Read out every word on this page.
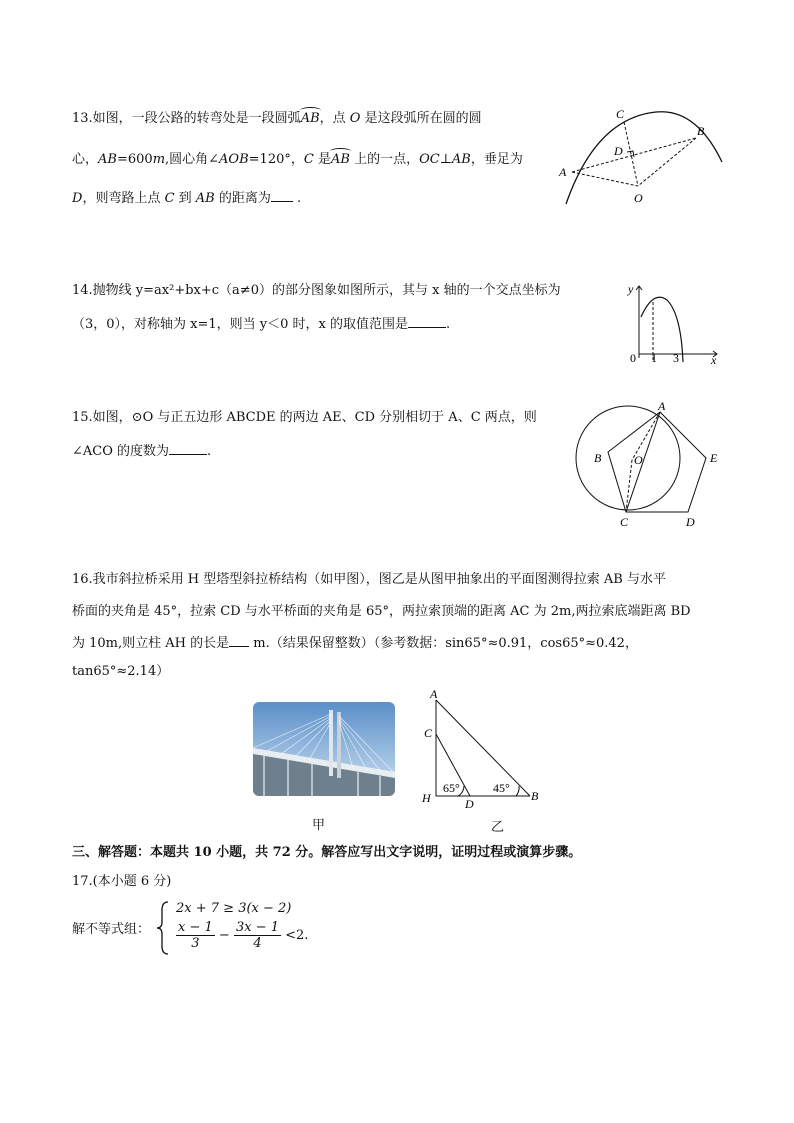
13.如图，一段公路的转弯处是一段圆弧AB，点 O 是这段弧所在圆的圆
心，AB=600m,圆心角∠AOB=120°，C 是AB 上的一点，OC⊥AB，垂足为
D，则弯路上点 C 到 AB 的距离为 .
C
B
D
A
O
14.抛物线 y=ax²+bx+c（a≠0）的部分图象如图所示，其与 x 轴的一个交点坐标为
（3，0），对称轴为 x=1，则当 y＜0 时，x 的取值范围是	.
y
x
0 1 3
15.如图，⊙O 与正五边形 ABCDE 的两边 AE、CD 分别相切于 A、C 两点，则
∠ACO 的度数为	.
A
B	O	E
C	D
16.我市斜拉桥采用 H 型塔型斜拉桥结构（如甲图），图乙是从图甲抽象出的平面图测得拉索 AB 与水平
桥面的夹角是 45°，拉索 CD 与水平桥面的夹角是 65°，两拉索顶端的距离 AC 为 2m,两拉索底端距离 BD
为 10m,则立柱 AH 的长是 m.（结果保留整数）（参考数据：sin65°≈0.91，cos65°≈0.42，
tan65°≈2.14）
A
C
H	D
B
65°	45°
甲	乙
三、解答题：本题共 10 小题，共 72 分。解答应写出文字说明，证明过程或演算步骤。
17.(本小题 6 分)
解不等式组：
2x + 7 ≥ 3(x − 2)
$\frac{x - 1}{3} - \frac{3x - 1}{4} <2$.
